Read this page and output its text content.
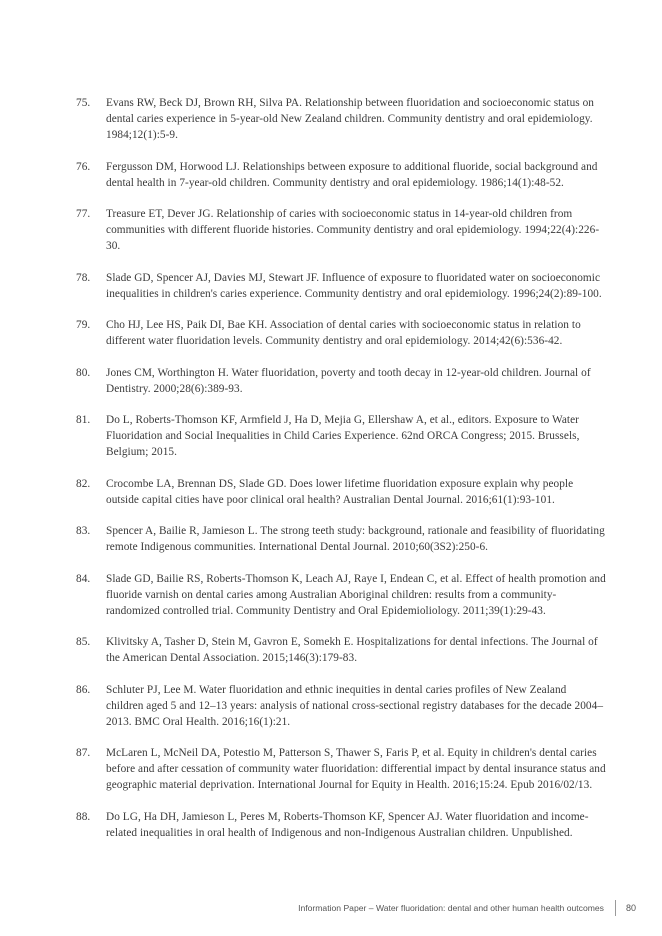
75.	Evans RW, Beck DJ, Brown RH, Silva PA. Relationship between fluoridation and socioeconomic status on dental caries experience in 5-year-old New Zealand children. Community dentistry and oral epidemiology. 1984;12(1):5-9.
76.	Fergusson DM, Horwood LJ. Relationships between exposure to additional fluoride, social background and dental health in 7-year-old children. Community dentistry and oral epidemiology. 1986;14(1):48-52.
77.	Treasure ET, Dever JG. Relationship of caries with socioeconomic status in 14-year-old children from communities with different fluoride histories. Community dentistry and oral epidemiology. 1994;22(4):226-30.
78.	Slade GD, Spencer AJ, Davies MJ, Stewart JF. Influence of exposure to fluoridated water on socioeconomic inequalities in children's caries experience. Community dentistry and oral epidemiology. 1996;24(2):89-100.
79.	Cho HJ, Lee HS, Paik DI, Bae KH. Association of dental caries with socioeconomic status in relation to different water fluoridation levels. Community dentistry and oral epidemiology. 2014;42(6):536-42.
80.	Jones CM, Worthington H. Water fluoridation, poverty and tooth decay in 12-year-old children. Journal of Dentistry. 2000;28(6):389-93.
81.	Do L, Roberts-Thomson KF, Armfield J, Ha D, Mejia G, Ellershaw A, et al., editors. Exposure to Water Fluoridation and Social Inequalities in Child Caries Experience. 62nd ORCA Congress; 2015. Brussels, Belgium; 2015.
82.	Crocombe LA, Brennan DS, Slade GD. Does lower lifetime fluoridation exposure explain why people outside capital cities have poor clinical oral health? Australian Dental Journal. 2016;61(1):93-101.
83.	Spencer A, Bailie R, Jamieson L. The strong teeth study: background, rationale and feasibility of fluoridating remote Indigenous communities. International Dental Journal. 2010;60(3S2):250-6.
84.	Slade GD, Bailie RS, Roberts-Thomson K, Leach AJ, Raye I, Endean C, et al. Effect of health promotion and fluoride varnish on dental caries among Australian Aboriginal children: results from a community-randomized controlled trial. Community Dentistry and Oral Epidemioliology. 2011;39(1):29-43.
85.	Klivitsky A, Tasher D, Stein M, Gavron E, Somekh E. Hospitalizations for dental infections. The Journal of the American Dental Association. 2015;146(3):179-83.
86.	Schluter PJ, Lee M. Water fluoridation and ethnic inequities in dental caries profiles of New Zealand children aged 5 and 12–13 years: analysis of national cross-sectional registry databases for the decade 2004–2013. BMC Oral Health. 2016;16(1):21.
87.	McLaren L, McNeil DA, Potestio M, Patterson S, Thawer S, Faris P, et al. Equity in children's dental caries before and after cessation of community water fluoridation: differential impact by dental insurance status and geographic material deprivation. International Journal for Equity in Health. 2016;15:24. Epub 2016/02/13.
88.	Do LG, Ha DH, Jamieson L, Peres M, Roberts-Thomson KF, Spencer AJ. Water fluoridation and income-related inequalities in oral health of Indigenous and non-Indigenous Australian children. Unpublished.
Information Paper – Water fluoridation: dental and other human health outcomes 80
